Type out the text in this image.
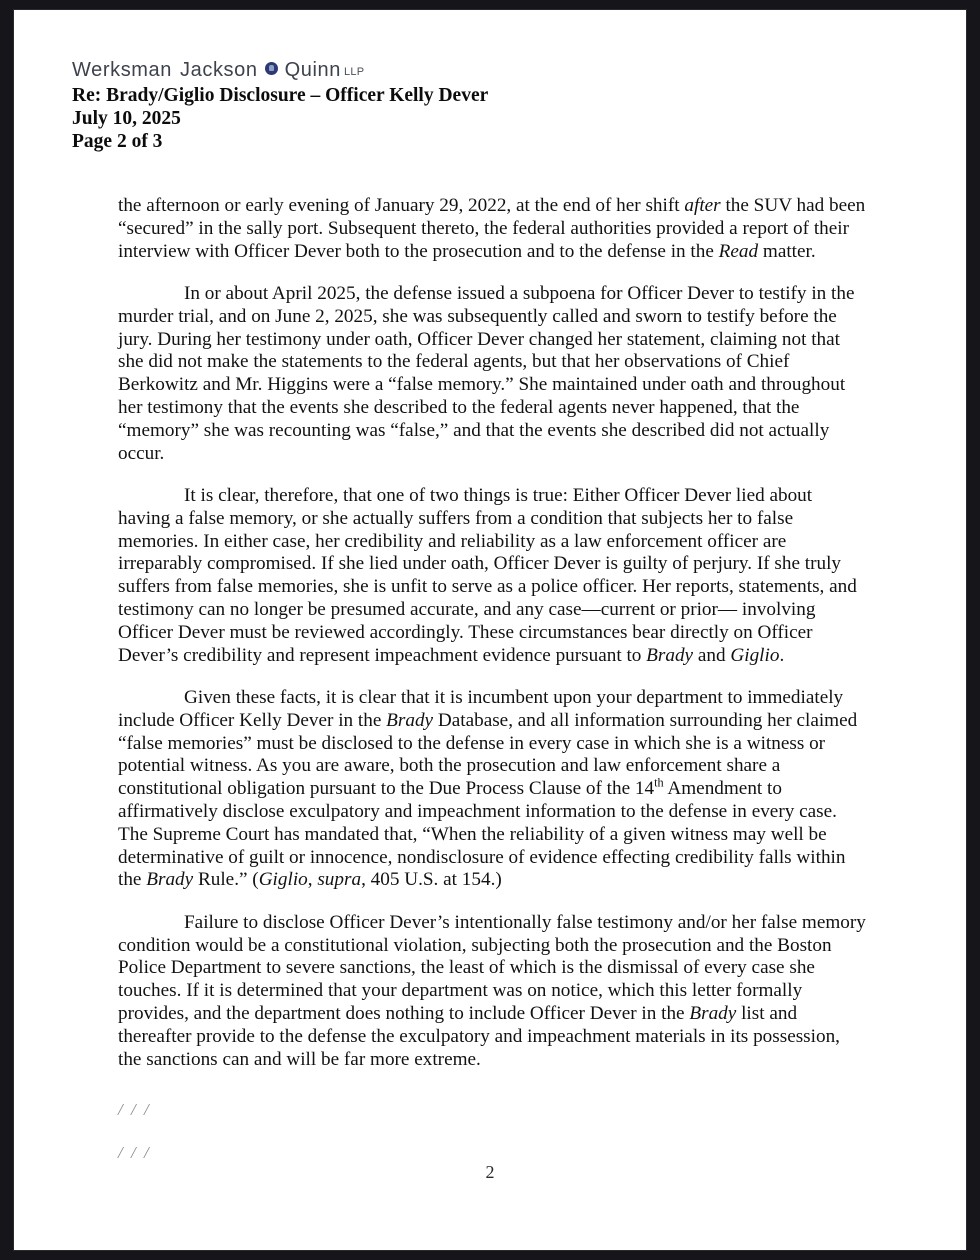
Werksman Jackson Quinn LLP
Re: Brady/Giglio Disclosure – Officer Kelly Dever
July 10, 2025
Page 2 of 3

the afternoon or early evening of January 29, 2022, at the end of her shift after the SUV had been “secured” in the sally port. Subsequent thereto, the federal authorities provided a report of their interview with Officer Dever both to the prosecution and to the defense in the Read matter.

In or about April 2025, the defense issued a subpoena for Officer Dever to testify in the murder trial, and on June 2, 2025, she was subsequently called and sworn to testify before the jury. During her testimony under oath, Officer Dever changed her statement, claiming not that she did not make the statements to the federal agents, but that her observations of Chief Berkowitz and Mr. Higgins were a “false memory.” She maintained under oath and throughout her testimony that the events she described to the federal agents never happened, that the “memory” she was recounting was “false,” and that the events she described did not actually occur.

It is clear, therefore, that one of two things is true: Either Officer Dever lied about having a false memory, or she actually suffers from a condition that subjects her to false memories. In either case, her credibility and reliability as a law enforcement officer are irreparably compromised. If she lied under oath, Officer Dever is guilty of perjury. If she truly suffers from false memories, she is unfit to serve as a police officer. Her reports, statements, and testimony can no longer be presumed accurate, and any case—current or prior— involving Officer Dever must be reviewed accordingly. These circumstances bear directly on Officer Dever’s credibility and represent impeachment evidence pursuant to Brady and Giglio.

Given these facts, it is clear that it is incumbent upon your department to immediately include Officer Kelly Dever in the Brady Database, and all information surrounding her claimed “false memories” must be disclosed to the defense in every case in which she is a witness or potential witness. As you are aware, both the prosecution and law enforcement share a constitutional obligation pursuant to the Due Process Clause of the 14th Amendment to affirmatively disclose exculpatory and impeachment information to the defense in every case. The Supreme Court has mandated that, “When the reliability of a given witness may well be determinative of guilt or innocence, nondisclosure of evidence effecting credibility falls within the Brady Rule.” (Giglio, supra, 405 U.S. at 154.)

Failure to disclose Officer Dever’s intentionally false testimony and/or her false memory condition would be a constitutional violation, subjecting both the prosecution and the Boston Police Department to severe sanctions, the least of which is the dismissal of every case she touches. If it is determined that your department was on notice, which this letter formally provides, and the department does nothing to include Officer Dever in the Brady list and thereafter provide to the defense the exculpatory and impeachment materials in its possession, the sanctions can and will be far more extreme.

/ / /
/ / /
2
